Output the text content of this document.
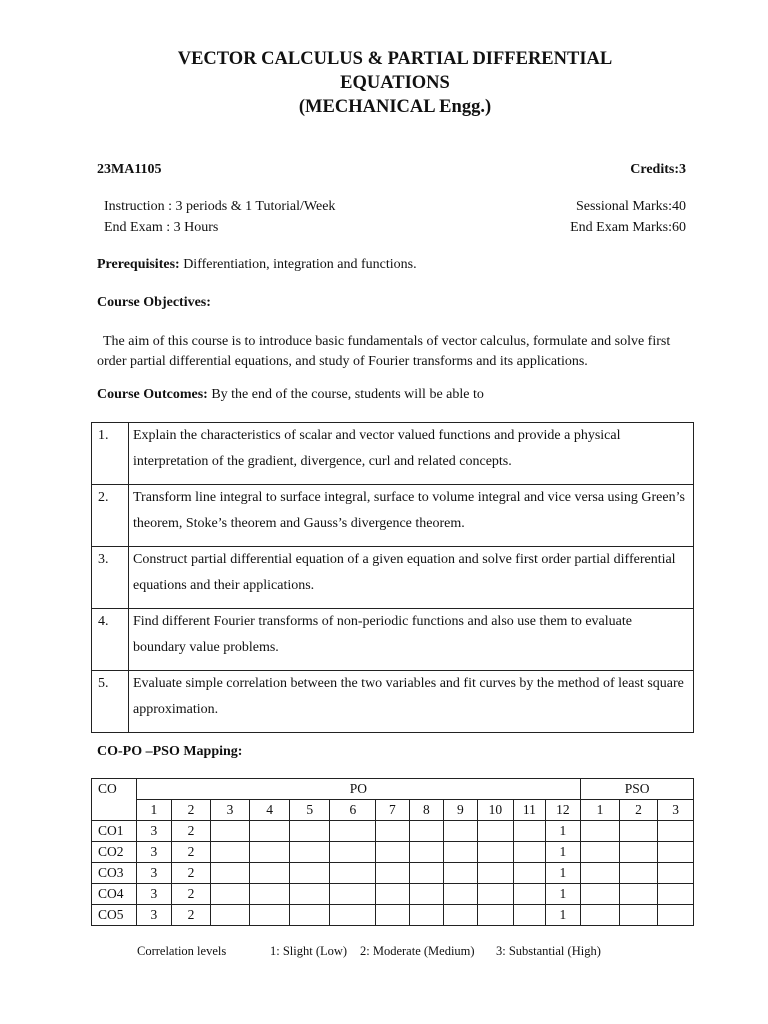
VECTOR CALCULUS & PARTIAL DIFFERENTIAL
EQUATIONS
(MECHANICAL Engg.)
23MA1105	Credits:3
Instruction : 3 periods & 1 Tutorial/Week	Sessional Marks:40
End Exam : 3 Hours	End Exam Marks:60
Prerequisites: Differentiation, integration and functions.
Course Objectives:
The aim of this course is to introduce basic fundamentals of vector calculus, formulate and solve first order partial differential equations, and study of Fourier transforms and its applications.
Course Outcomes: By the end of the course, students will be able to
1.	Explain the characteristics of scalar and vector valued functions and provide a physical interpretation of the gradient, divergence, curl and related concepts.
2.	Transform line integral to surface integral, surface to volume integral and vice versa using Green’s theorem, Stoke’s theorem and Gauss’s divergence theorem.
3.	Construct partial differential equation of a given equation and solve first order partial differential equations and their applications.
4.	Find different Fourier transforms of non-periodic functions and also use them to evaluate boundary value problems.
5.	Evaluate simple correlation between the two variables and fit curves by the method of least square approximation.
CO-PO –PSO Mapping:
CO	PO												PSO		
	1	2	3	4	5	6	7	8	9	10	11	12	1	2	3
CO1	3	2										1			
CO2	3	2										1			
CO3	3	2										1			
CO4	3	2										1			
CO5	3	2										1			
Correlation levels	1: Slight (Low) 2: Moderate (Medium) 3: Substantial (High)
